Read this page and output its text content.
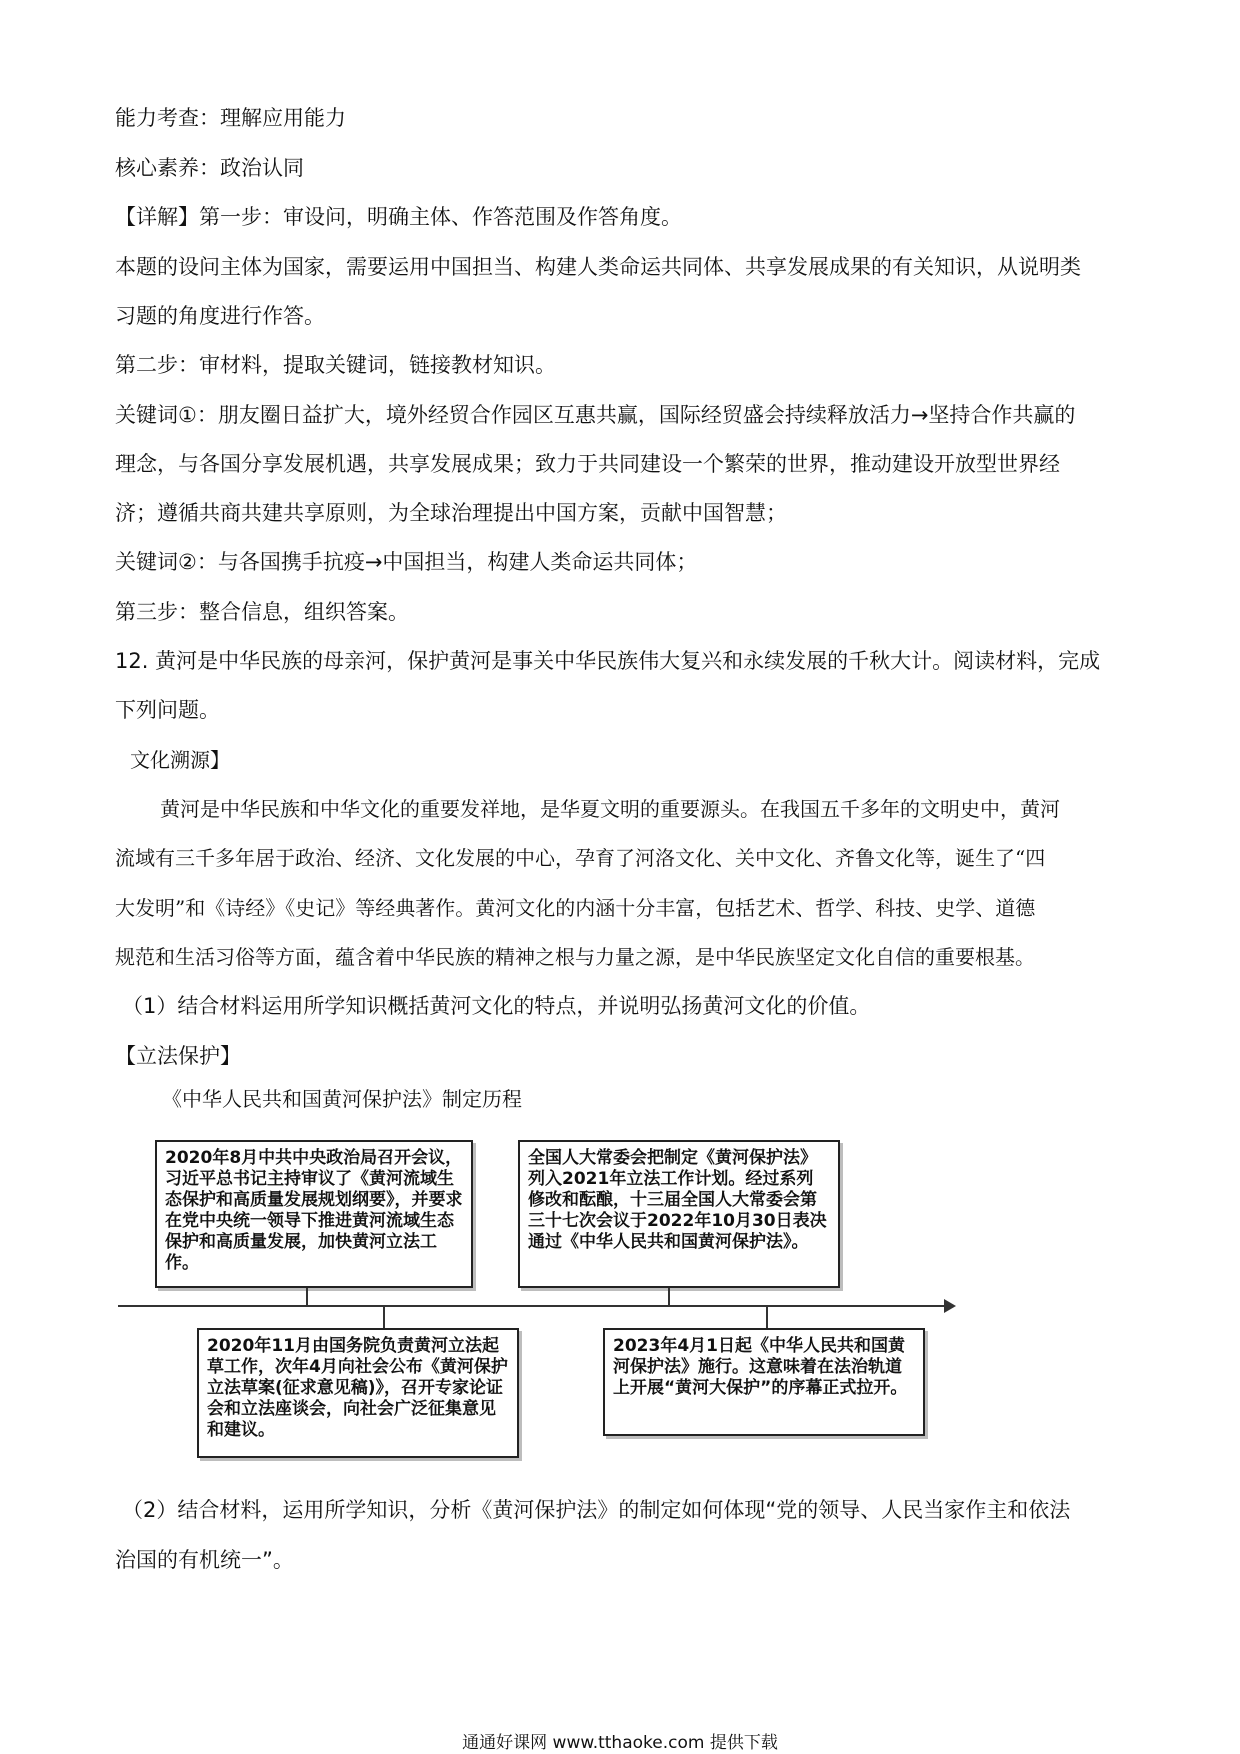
能力考查：理解应用能力
核心素养：政治认同
【详解】第一步：审设问，明确主体、作答范围及作答角度。
本题的设问主体为国家，需要运用中国担当、构建人类命运共同体、共享发展成果的有关知识，从说明类
习题的角度进行作答。
第二步：审材料，提取关键词，链接教材知识。
关键词①：朋友圈日益扩大，境外经贸合作园区互惠共赢，国际经贸盛会持续释放活力→坚持合作共赢的
理念，与各国分享发展机遇，共享发展成果；致力于共同建设一个繁荣的世界，推动建设开放型世界经
济；遵循共商共建共享原则，为全球治理提出中国方案，贡献中国智慧；
关键词②：与各国携手抗疫→中国担当，构建人类命运共同体；
第三步：整合信息，组织答案。
12. 黄河是中华民族的母亲河，保护黄河是事关中华民族伟大复兴和永续发展的千秋大计。阅读材料，完成
下列问题。
文化溯源】
黄河是中华民族和中华文化的重要发祥地，是华夏文明的重要源头。在我国五千多年的文明史中，黄河
流域有三千多年居于政治、经济、文化发展的中心，孕育了河洛文化、关中文化、齐鲁文化等，诞生了“四
大发明”和《诗经》《史记》等经典著作。黄河文化的内涵十分丰富，包括艺术、哲学、科技、史学、道德
规范和生活习俗等方面，蕴含着中华民族的精神之根与力量之源，是中华民族坚定文化自信的重要根基。
（1）结合材料运用所学知识概括黄河文化的特点，并说明弘扬黄河文化的价值。
【立法保护】
《中华人民共和国黄河保护法》制定历程
2020年8月中共中央政治局召开会议，习近平总书记主持审议了《黄河流域生态保护和高质量发展规划纲要》，并要求在党中央统一领导下推进黄河流域生态保护和高质量发展，加快黄河立法工作。
全国人大常委会把制定《黄河保护法》列入2021年立法工作计划。经过系列修改和酝酿，十三届全国人大常委会第三十七次会议于2022年10月30日表决通过《中华人民共和国黄河保护法》。
2020年11月由国务院负责黄河立法起草工作，次年4月向社会公布《黄河保护立法草案(征求意见稿)》，召开专家论证会和立法座谈会，向社会广泛征集意见和建议。
2023年4月1日起《中华人民共和国黄河保护法》施行。这意味着在法治轨道上开展“黄河大保护”的序幕正式拉开。
（2）结合材料，运用所学知识，分析《黄河保护法》的制定如何体现“党的领导、人民当家作主和依法
治国的有机统一”。
通通好课网 www.tthaoke.com 提供下载
